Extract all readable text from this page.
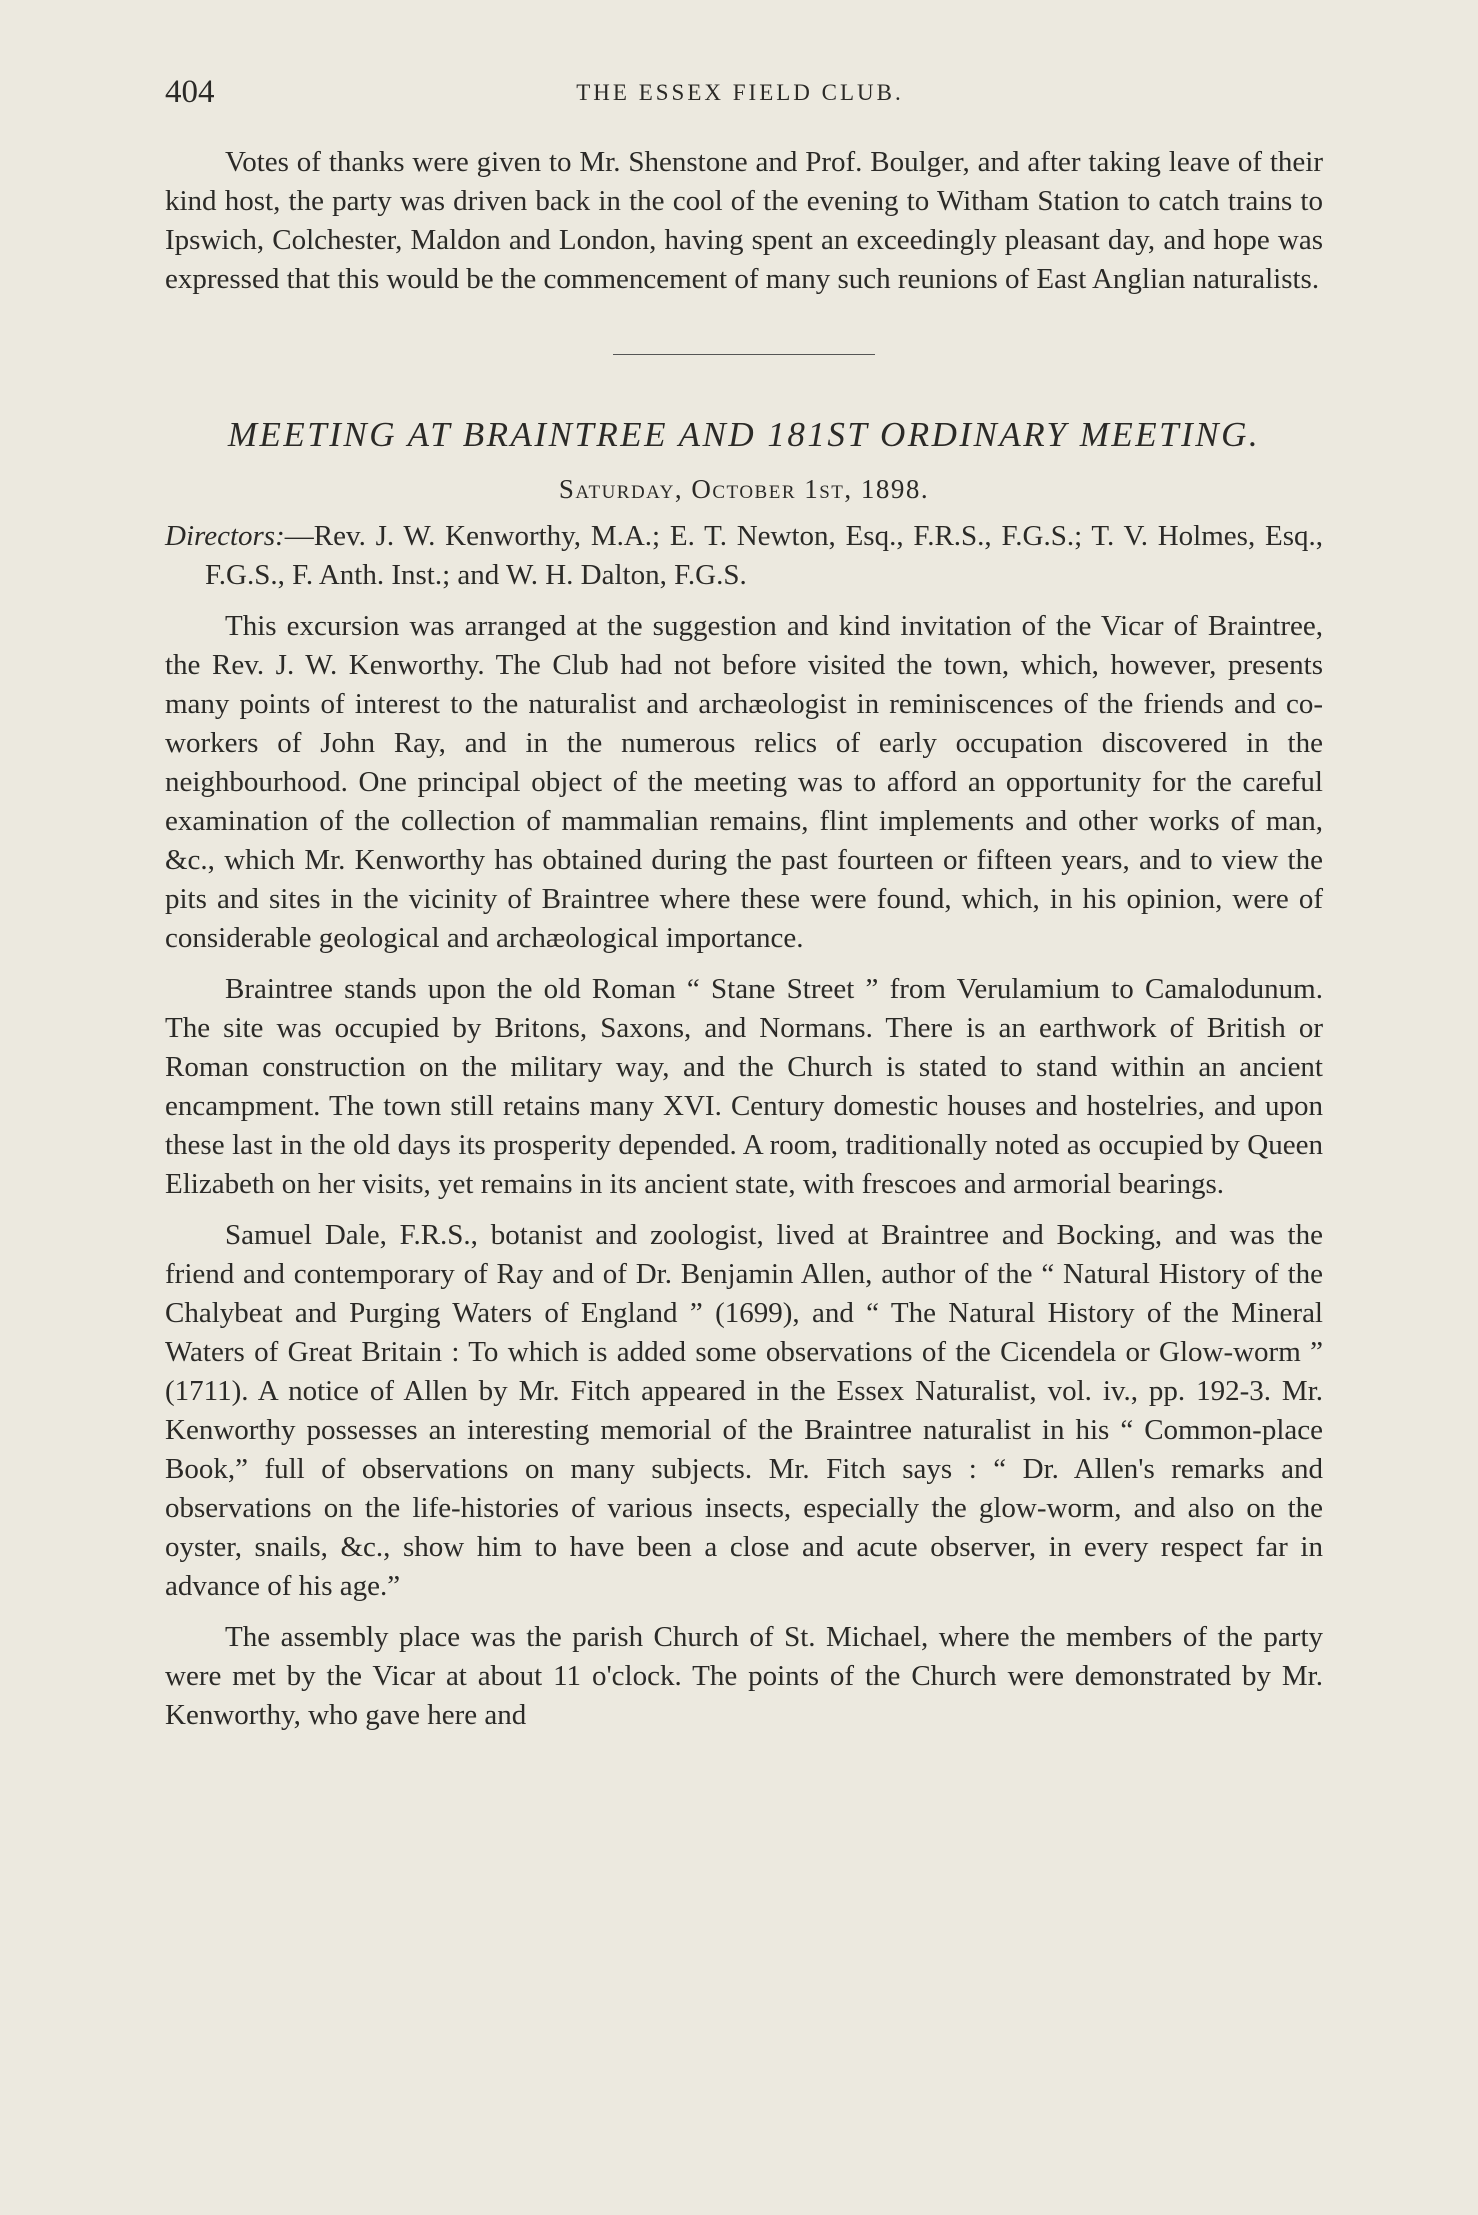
404	THE ESSEX FIELD CLUB.

Votes of thanks were given to Mr. Shenstone and Prof. Boulger, and after taking leave of their kind host, the party was driven back in the cool of the evening to Witham Station to catch trains to Ipswich, Colchester, Maldon and London, having spent an exceedingly pleasant day, and hope was expressed that this would be the commencement of many such reunions of East Anglian naturalists.

MEETING AT BRAINTREE AND 181ST ORDINARY MEETING.
Saturday, October 1st, 1898.
Directors:—Rev. J. W. Kenworthy, M.A.; E. T. Newton, Esq., F.R.S., F.G.S.; T. V. Holmes, Esq., F.G.S., F. Anth. Inst.; and W. H. Dalton, F.G.S.

This excursion was arranged at the suggestion and kind invitation of the Vicar of Braintree, the Rev. J. W. Kenworthy. The Club had not before visited the town, which, however, presents many points of interest to the naturalist and archæologist in reminiscences of the friends and co-workers of John Ray, and in the numerous relics of early occupation discovered in the neighbourhood. One principal object of the meeting was to afford an opportunity for the careful examination of the collection of mammalian remains, flint implements and other works of man, &c., which Mr. Kenworthy has obtained during the past fourteen or fifteen years, and to view the pits and sites in the vicinity of Braintree where these were found, which, in his opinion, were of considerable geological and archæological importance.

Braintree stands upon the old Roman “ Stane Street ” from Verulamium to Camalodunum. The site was occupied by Britons, Saxons, and Normans. There is an earthwork of British or Roman construction on the military way, and the Church is stated to stand within an ancient encampment. The town still retains many XVI. Century domestic houses and hostelries, and upon these last in the old days its prosperity depended. A room, traditionally noted as occupied by Queen Elizabeth on her visits, yet remains in its ancient state, with frescoes and armorial bearings.

Samuel Dale, F.R.S., botanist and zoologist, lived at Braintree and Bocking, and was the friend and contemporary of Ray and of Dr. Benjamin Allen, author of the “ Natural History of the Chalybeat and Purging Waters of England ” (1699), and “ The Natural History of the Mineral Waters of Great Britain : To which is added some observations of the Cicendela or Glow-worm ” (1711). A notice of Allen by Mr. Fitch appeared in the Essex Naturalist, vol. iv., pp. 192-3. Mr. Kenworthy possesses an interesting memorial of the Braintree naturalist in his “ Common-place Book,” full of observations on many subjects. Mr. Fitch says : “ Dr. Allen's remarks and observations on the life-histories of various insects, especially the glow-worm, and also on the oyster, snails, &c., show him to have been a close and acute observer, in every respect far in advance of his age.”

The assembly place was the parish Church of St. Michael, where the members of the party were met by the Vicar at about 11 o'clock. The points of the Church were demonstrated by Mr. Kenworthy, who gave here and
